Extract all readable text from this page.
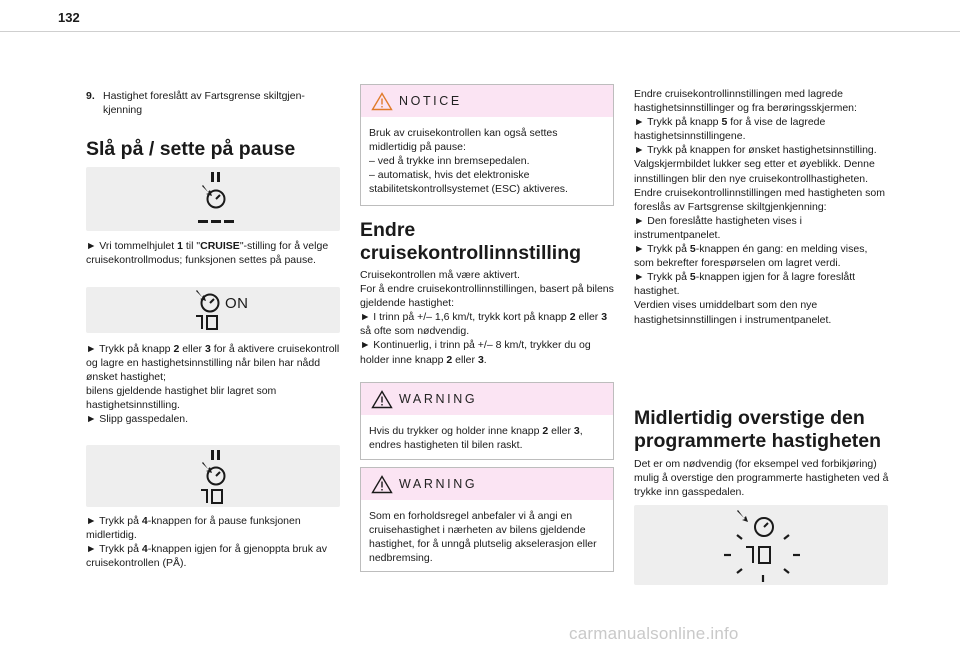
132
9. Hastighet foreslått av Fartsgrense skiltgjen-kjenning
Slå på / sette på pause
► Vri tommelhjulet 1 til "CRUISE"-stilling for å velge cruisekontrollmodus; funksjonen settes på pause.
ON
► Trykk på knapp 2 eller 3 for å aktivere cruisekontroll og lagre en hastighetsinnstilling når bilen har nådd ønsket hastighet;
bilens gjeldende hastighet blir lagret som hastighetsinnstilling.
► Slipp gasspedalen.
► Trykk på 4-knappen for å pause funksjonen midlertidig.
► Trykk på 4-knappen igjen for å gjenoppta bruk av cruisekontrollen (PÅ).
NOTICE
Bruk av cruisekontrollen kan også settes midlertidig på pause:
– ved å trykke inn bremsepedalen.
– automatisk, hvis det elektroniske stabilitetskontrollsystemet (ESC) aktiveres.
Endre cruisekontrollinnstilling
Cruisekontrollen må være aktivert.
For å endre cruisekontrollinnstillingen, basert på bilens gjeldende hastighet:
► I trinn på +/– 1,6 km/t, trykk kort på knapp 2 eller 3 så ofte som nødvendig.
► Kontinuerlig, i trinn på +/– 8 km/t, trykker du og holder inne knapp 2 eller 3.
WARNING
Hvis du trykker og holder inne knapp 2 eller 3, endres hastigheten til bilen raskt.
WARNING
Som en forholdsregel anbefaler vi å angi en cruisehastighet i nærheten av bilens gjeldende hastighet, for å unngå plutselig akselerasjon eller nedbremsing.
Endre cruisekontrollinnstillingen med lagrede hastighetsinnstillinger og fra berøringsskjermen:
► Trykk på knapp 5 for å vise de lagrede hastighetsinnstillingene.
► Trykk på knappen for ønsket hastighetsinnstilling.
Valgskjermbildet lukker seg etter et øyeblikk. Denne innstillingen blir den nye cruisekontrollhastigheten.
Endre cruisekontrollinnstillingen med hastigheten som foreslås av Fartsgrense skiltgjenkjenning:
► Den foreslåtte hastigheten vises i instrumentpanelet.
► Trykk på 5-knappen én gang: en melding vises, som bekrefter forespørselen om lagret verdi.
► Trykk på 5-knappen igjen for å lagre foreslått hastighet.
Verdien vises umiddelbart som den nye hastighetsinnstillingen i instrumentpanelet.
Midlertidig overstige den programmerte hastigheten
Det er om nødvendig (for eksempel ved forbikjøring) mulig å overstige den programmerte hastigheten ved å trykke inn gasspedalen.
carmanualsonline.info
